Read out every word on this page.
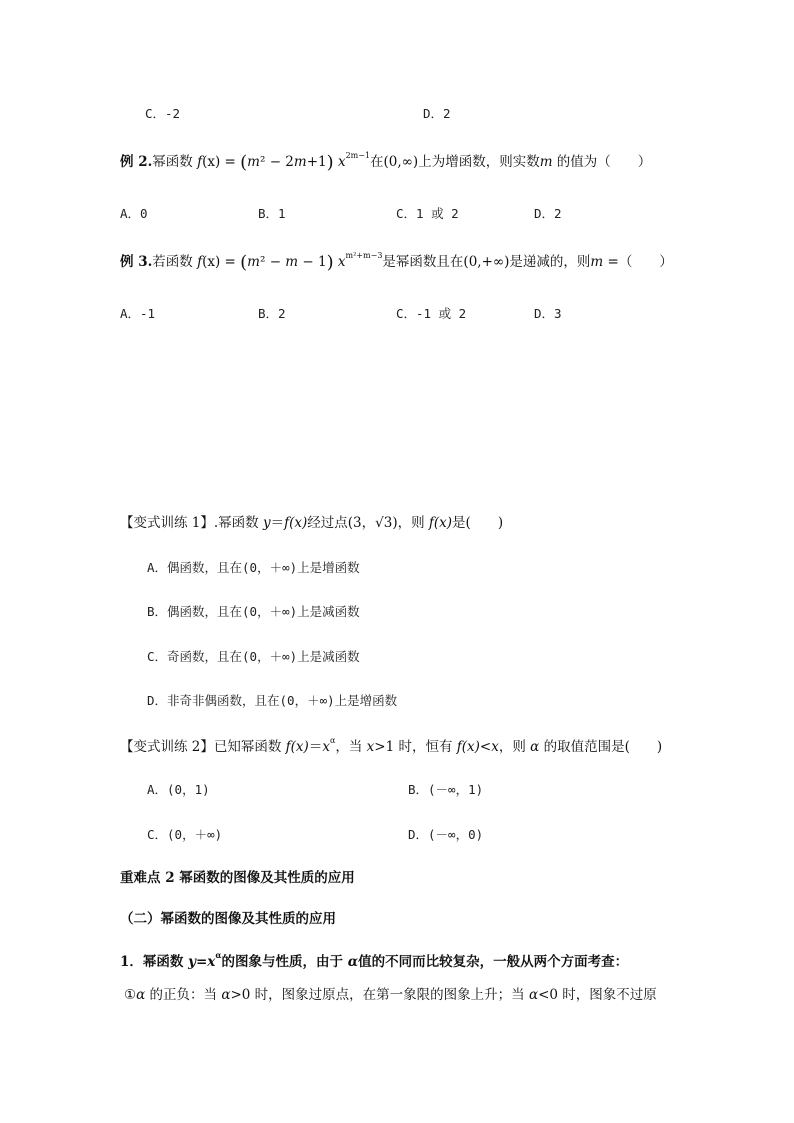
C．-2	D．2
例 2.幂函数 f(x) = (m² − 2m+1) $x^{2m-1}$在(0,∞)上为增函数，则实数m 的值为（　　）
A．0	B．1	C．1 或 2	D．2
例 3.若函数 f(x) = (m² − m − 1) $x^{m^2+m-3}$是幂函数且在(0,+∞)是递减的，则m =（　　）
A．-1	B．2	C．-1 或 2	D．3
【变式训练 1】.幂函数 y＝f(x)经过点(3，√3)，则 f(x)是(　　)
A．偶函数，且在(0，＋∞)上是增函数
B．偶函数，且在(0，＋∞)上是减函数
C．奇函数，且在(0，＋∞)上是减函数
D．非奇非偶函数，且在(0，＋∞)上是增函数
【变式训练 2】已知幂函数 $f(x)=x^\alpha$，当 x>1 时，恒有 f(x)<x，则 α 的取值范围是(　　)
A．(0，1)	B．(－∞，1)
C．(0，＋∞)	D．(－∞，0)
重难点 2 幂函数的图像及其性质的应用
（二）幂函数的图像及其性质的应用
1．幂函数 $y=x^\alpha$的图象与性质，由于 α值的不同而比较复杂，一般从两个方面考查：
①α 的正负：当 α>0 时，图象过原点，在第一象限的图象上升；当 α<0 时，图象不过原
